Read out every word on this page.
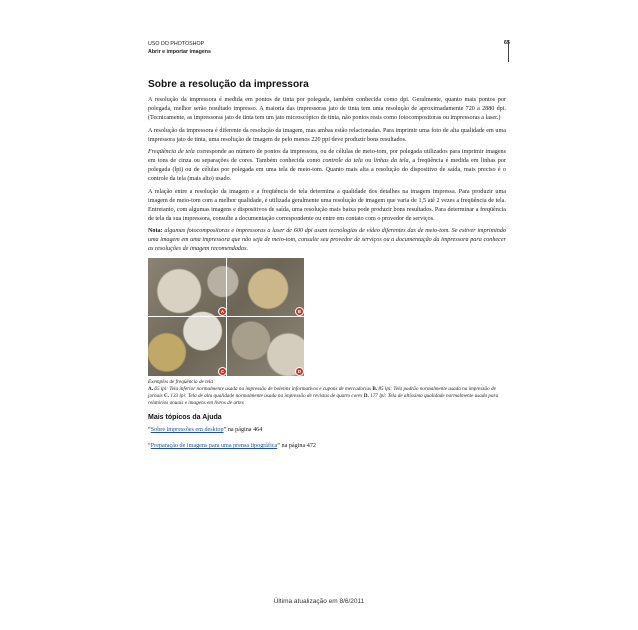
USO DO PHOTOSHOP
Abrir e importar imagens
65
Sobre a resolução da impressora

A resolução da impressora é medida em pontos de tinta por polegada, também conhecida como dpi. Geralmente, quanto mais pontos por polegada, melhor serão resultado impresso. A maioria das impressoras jato de tinta tem uma resolução de aproximadamente 720 a 2880 dpi. (Tecnicamente, as impressoras jato de tinta tem um jato microscópico de tinta, não pontos reais como fotocompositoras ou impressoras a laser.)

A resolução da impressora é diferente da resolução da imagem, mas ambas estão relacionadas. Para imprimir uma foto de alta qualidade em uma impressora jato de tinta, uma resolução de imagem de pelo menos 220 ppi deve produzir bons resultados.

Freqüência de tela corresponde ao número de pontos da impressora, ou de células de meio-tom, por polegada utilizados para imprimir imagens em tons de cinza ou separações de cores. Também conhecida como controle da tela ou linhas da tela, a freqüência é medida em linhas por polegada (lpi) ou de células por polegada em uma tela de meio-tom. Quanto mais alta a resolução do dispositivo de saída, mais preciso é o controle da tela (mais alto) usado.

A relação entre a resolução da imagem e a freqüência de tela determina a qualidade dos detalhes na imagem impressa. Para produzir uma imagem de meio-tom com a melhor qualidade, é utilizada geralmente uma resolução de imagem que varia de 1,5 até 2 vezes a freqüência de tela. Entretanto, com algumas imagens e dispositivos de saída, uma resolução mais baixa pode produzir bons resultados. Para determinar a freqüência de tela da sua impressora, consulte a documentação correspondente ou entre em contato com o provedor de serviços.

Nota: algumas fotocompositoras e impressoras a laser de 600 dpi usam tecnologias de vídeo diferentes das de meio-tom. Se estiver imprimindo uma imagem em uma impressora que não seja de meio-tom, consulte seu provedor de serviços ou a documentação da impressora para conhecer as resoluções de imagem recomendadas.

A	B
C	D
Exemplos de freqüência de tela
A. 65 lpi: Tela inferior normalmente usada na impressão de boletins informativos e cupons de mercadorias B. 85 lpi: Tela padrão normalmente usada na impressão de jornais C. 133 lpi: Tela de alta qualidade normalmente usada na impressão de revistas de quatro cores D. 177 lpi: Tela de altíssima qualidade normalmente usada para relatórios anuais e imagens em livros de artes
Mais tópicos da Ajuda
“Sobre impressões em desktop” na página 464
“Preparação de imagens para uma prensa tipográfica” na página 472
Última atualização em 8/6/2011
